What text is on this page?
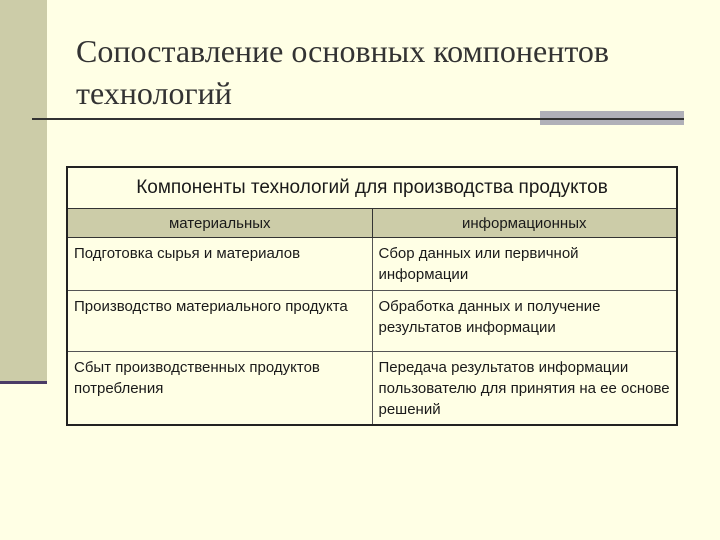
Сопоставление основных компонентов технологий
Компоненты технологий для производства продуктов	
материальных	информационных
Подготовка сырья и материалов	Сбор данных или первичной информации
Производство материального продукта	Обработка данных и получение результатов информации
Сбыт производственных продуктов потребления	Передача результатов информации пользователю для принятия на ее основе решений
